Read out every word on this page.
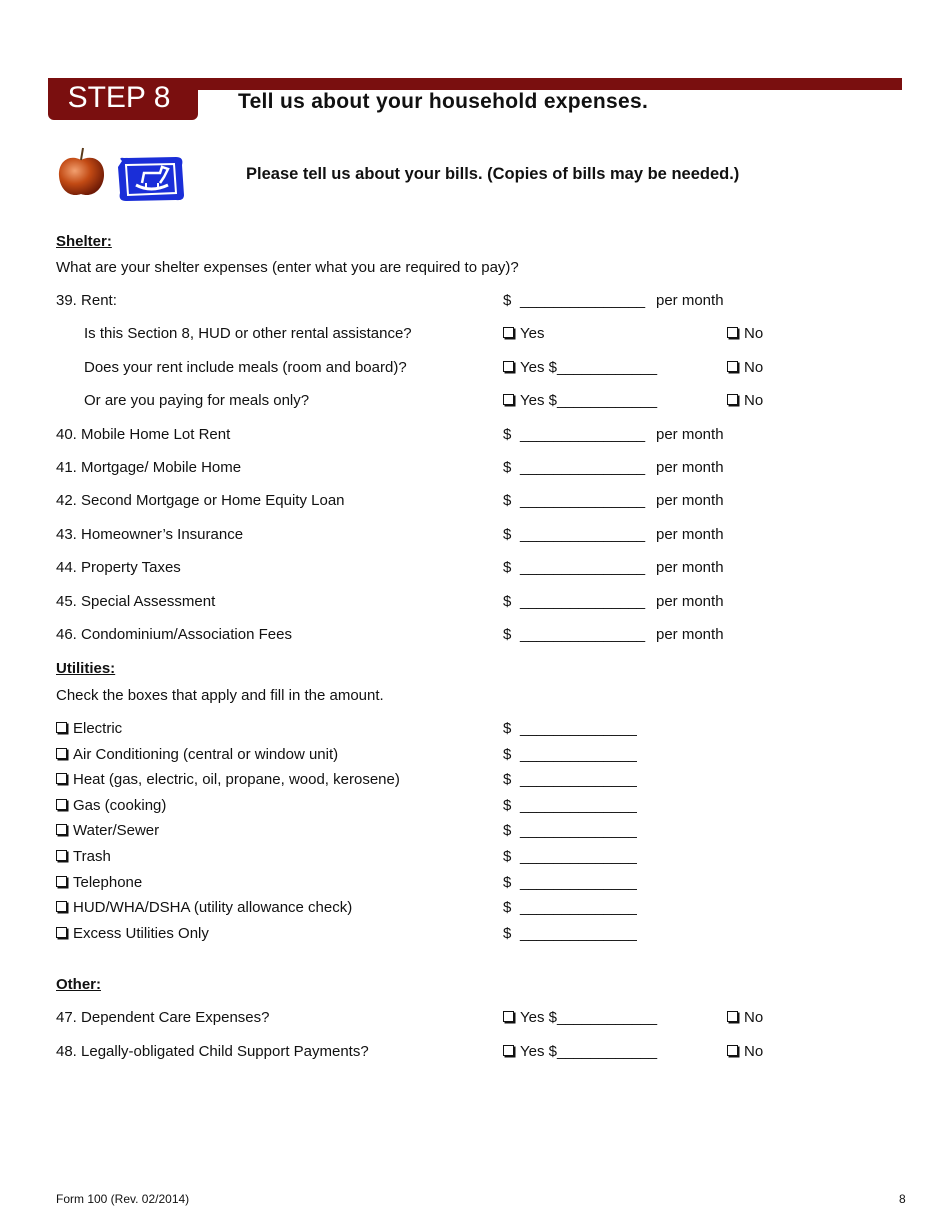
STEP 8	Tell us about your household expenses.
Please tell us about your bills. (Copies of bills may be needed.)
Shelter:
What are your shelter expenses (enter what you are required to pay)?
39. Rent:	$ _______________ per month
Is this Section 8, HUD or other rental assistance?	Yes	No
Does your rent include meals (room and board)?	Yes $____________	No
Or are you paying for meals only?	Yes $____________	No
40. Mobile Home Lot Rent	$ _______________ per month
41. Mortgage/ Mobile Home	$ _______________ per month
42. Second Mortgage or Home Equity Loan	$ _______________ per month
43. Homeowner’s Insurance	$ _______________ per month
44. Property Taxes	$ _______________ per month
45. Special Assessment	$ _______________ per month
46. Condominium/Association Fees	$ _______________ per month
Utilities:
Check the boxes that apply and fill in the amount.
Electric	$ ______________
Air Conditioning (central or window unit)	$ ______________
Heat (gas, electric, oil, propane, wood, kerosene)	$ ______________
Gas (cooking)	$ ______________
Water/Sewer	$ ______________
Trash	$ ______________
Telephone	$ ______________
HUD/WHA/DSHA (utility allowance check)	$ ______________
Excess Utilities Only	$ ______________
Other:
47. Dependent Care Expenses?	Yes $____________	No
48. Legally-obligated Child Support Payments?	Yes $____________	No
Form 100 (Rev. 02/2014)	8
